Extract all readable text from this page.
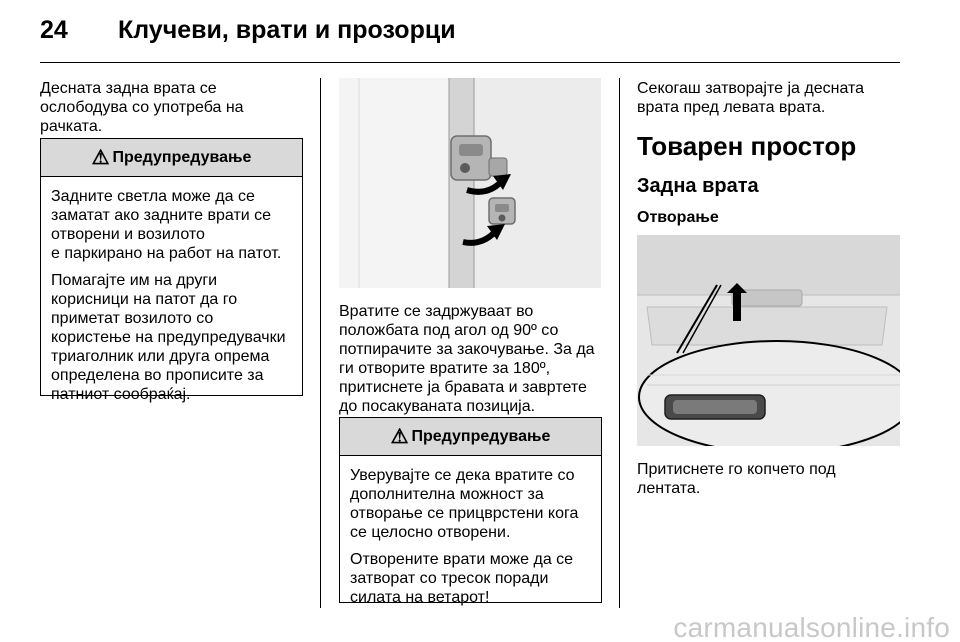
24 Клучеви, врати и прозорци
Десната задна врата се
ослободува со употреба на
рачката.
⚠ Предупредување

Задните светла може да се
заматат ако задните врати се
отворени и возилото
е паркирано на работ на патот.

Помагајте им на други
корисници на патот да го
приметат возилото со
користење на предупредувачки
триаголник или друга опрема
определена во прописите за
патниот сообраќај.

Вратите се задржуваат во
положбата под агол од 90º со
потпирачите за закочување. За да
ги отворите вратите за 180º,
притиснете ја бравата и завртете
до посакуваната позиција.
⚠ Предупредување

Уверувајте се дека вратите со
дополнителна можност за
отворање се прицврстени кога
се целосно отворени.

Отворените врати може да се
затворат со тресок поради
силата на ветарот!

Секогаш затворајте ја десната
врата пред левата врата.
Товарен простор
Задна врата
Отворање
Притиснете го копчето под
лентата.
carmanualsonline.info
